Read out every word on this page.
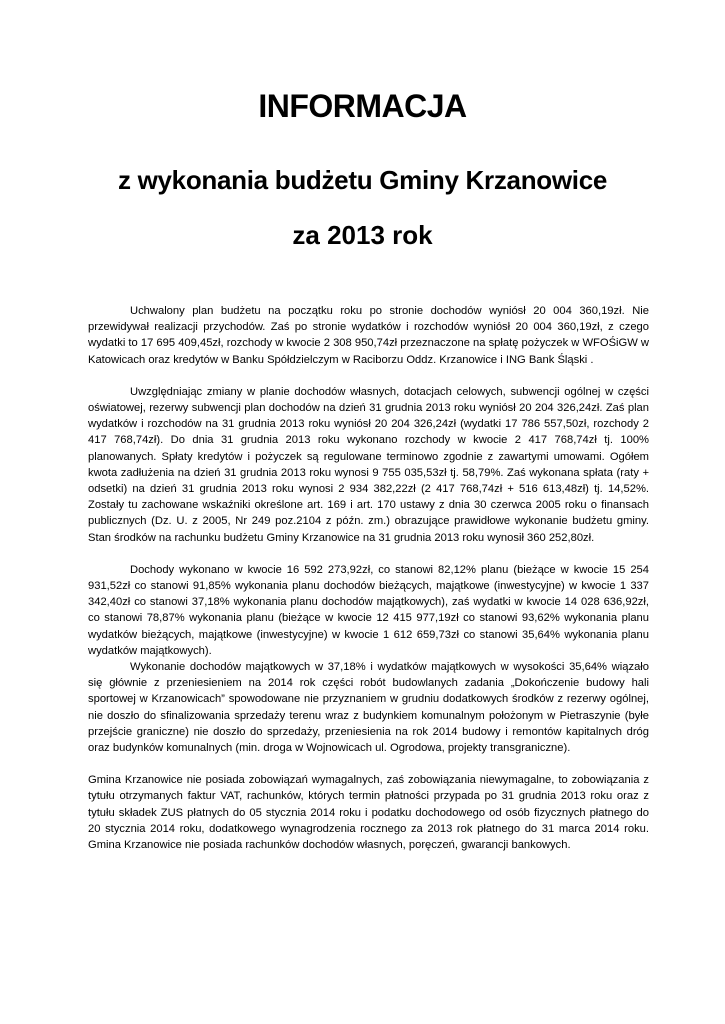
INFORMACJA
z wykonania budżetu Gminy Krzanowice
za 2013 rok

Uchwalony plan budżetu na początku roku po stronie dochodów wyniósł 20 004 360,19zł. Nie przewidywał realizacji przychodów. Zaś po stronie wydatków i rozchodów wyniósł 20 004 360,19zł, z czego wydatki to 17 695 409,45zł, rozchody w kwocie 2 308 950,74zł przeznaczone na spłatę pożyczek w WFOŚiGW w Katowicach oraz kredytów w Banku Spółdzielczym w Raciborzu Oddz. Krzanowice i ING Bank Śląski .

Uwzględniając zmiany w planie dochodów własnych, dotacjach celowych, subwencji ogólnej w części oświatowej, rezerwy subwencji plan dochodów na dzień 31 grudnia 2013 roku wyniósł 20 204 326,24zł. Zaś plan wydatków i rozchodów na 31 grudnia 2013 roku wyniósł 20 204 326,24zł (wydatki 17 786 557,50zł, rozchody 2 417 768,74zł). Do dnia 31 grudnia 2013 roku wykonano rozchody w kwocie 2 417 768,74zł tj. 100% planowanych. Spłaty kredytów i pożyczek są regulowane terminowo zgodnie z zawartymi umowami. Ogółem kwota zadłużenia na dzień 31 grudnia 2013 roku wynosi 9 755 035,53zł tj. 58,79%. Zaś wykonana spłata (raty + odsetki) na dzień 31 grudnia 2013 roku wynosi 2 934 382,22zł (2 417 768,74zł + 516 613,48zł) tj. 14,52%. Zostały tu zachowane wskaźniki określone art. 169 i art. 170 ustawy z dnia 30 czerwca 2005 roku o finansach publicznych (Dz. U. z 2005, Nr 249 poz.2104 z późn. zm.) obrazujące prawidłowe wykonanie budżetu gminy. Stan środków na rachunku budżetu Gminy Krzanowice na 31 grudnia 2013 roku wynosił 360 252,80zł.

Dochody wykonano w kwocie 16 592 273,92zł, co stanowi 82,12% planu (bieżące w kwocie 15 254 931,52zł co stanowi 91,85% wykonania planu dochodów bieżących, majątkowe (inwestycyjne) w kwocie 1 337 342,40zł co stanowi 37,18% wykonania planu dochodów majątkowych), zaś wydatki w kwocie 14 028 636,92zł, co stanowi 78,87% wykonania planu (bieżące w kwocie 12 415 977,19zł co stanowi 93,62% wykonania planu wydatków bieżących, majątkowe (inwestycyjne) w kwocie 1 612 659,73zł co stanowi 35,64% wykonania planu wydatków majątkowych).

Wykonanie dochodów majątkowych w 37,18% i wydatków majątkowych w wysokości 35,64% wiązało się głównie z przeniesieniem na 2014 rok części robót budowlanych zadania „Dokończenie budowy hali sportowej w Krzanowicach” spowodowane nie przyznaniem w grudniu dodatkowych środków z rezerwy ogólnej, nie doszło do sfinalizowania sprzedaży terenu wraz z budynkiem komunalnym położonym w Pietraszynie (byłe przejście graniczne) nie doszło do sprzedaży, przeniesienia na rok 2014 budowy i remontów kapitalnych dróg oraz budynków komunalnych (min. droga w Wojnowicach ul. Ogrodowa, projekty transgraniczne).

Gmina Krzanowice nie posiada zobowiązań wymagalnych, zaś zobowiązania niewymagalne, to zobowiązania z tytułu otrzymanych faktur VAT, rachunków, których termin płatności przypada po 31 grudnia 2013 roku oraz z tytułu składek ZUS płatnych do 05 stycznia 2014 roku i podatku dochodowego od osób fizycznych płatnego do 20 stycznia 2014 roku, dodatkowego wynagrodzenia rocznego za 2013 rok płatnego do 31 marca 2014 roku. Gmina Krzanowice nie posiada rachunków dochodów własnych, poręczeń, gwarancji bankowych.
